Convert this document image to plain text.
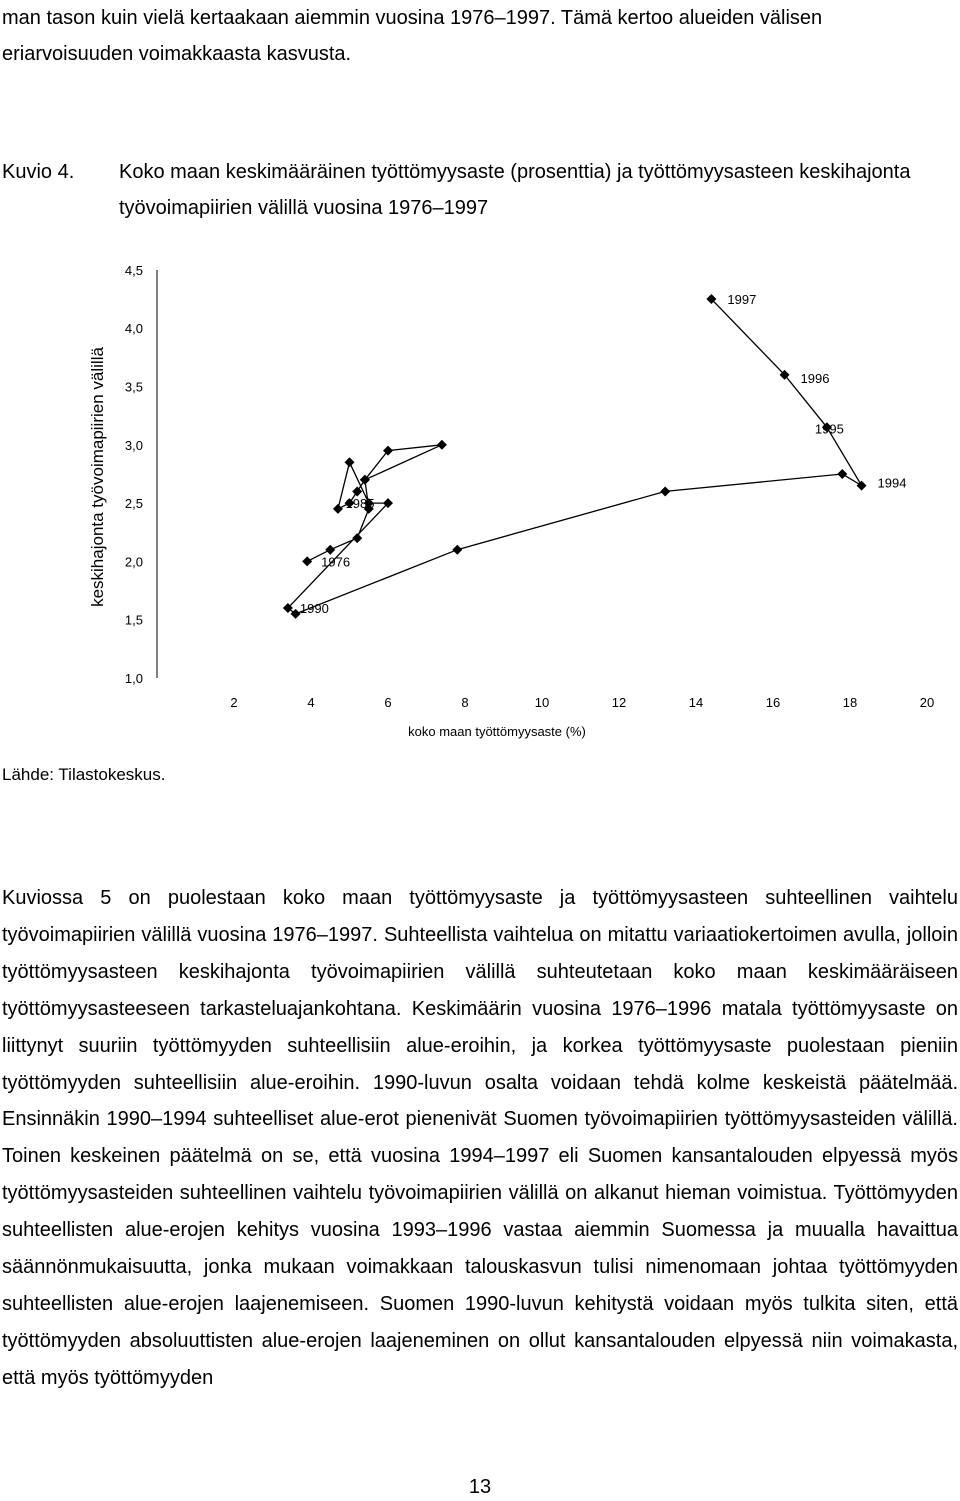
man tason kuin vielä kertaakaan aiemmin vuosina 1976–1997. Tämä kertoo alueiden välisen eriarvoisuuden voimakkaasta kasvusta.
Kuvio 4. Koko maan keskimääräinen työttömyysaste (prosenttia) ja työttömyysasteen keskihajonta työvoimapiirien välillä vuosina 1976–1997
1,0
1,5
2,0
2,5
3,0
3,5
4,0
4,5
2	4	6	8	10	12	14	16	18	20
1976
1985
1990
1994
1995
1996
1997
koko maan työttömyysaste (%)
keskihajonta työvoimapiirien välillä
Lähde: Tilastokeskus.
Kuviossa 5 on puolestaan koko maan työttömyysaste ja työttömyysasteen suhteellinen vaihtelu työvoimapiirien välillä vuosina 1976–1997. Suhteellista vaihtelua on mitattu variaatiokertoimen avulla, jolloin työttömyysasteen keskihajonta työvoimapiirien välillä suhteutetaan koko maan keskimääräiseen työttömyysasteeseen tarkasteluajankohtana. Keskimäärin vuosina 1976–1996 matala työttömyysaste on liittynyt suuriin työttömyyden suhteellisiin alue-eroihin, ja korkea työttömyysaste puolestaan pieniin työttömyyden suhteellisiin alue-eroihin. 1990-luvun osalta voidaan tehdä kolme keskeistä päätelmää. Ensinnäkin 1990–1994 suhteelliset alue-erot pienenivät Suomen työvoimapiirien työttömyysasteiden välillä. Toinen keskeinen päätelmä on se, että vuosina 1994–1997 eli Suomen kansantalouden elpyessä myös työttömyysasteiden suhteellinen vaihtelu työvoimapiirien välillä on alkanut hieman voimistua. Työttömyyden suhteellisten alue-erojen kehitys vuosina 1993–1996 vastaa aiemmin Suomessa ja muualla havaittua säännönmukaisuutta, jonka mukaan voimakkaan talouskasvun tulisi nimenomaan johtaa työttömyyden suhteellisten alue-erojen laajenemiseen. Suomen 1990-luvun kehitystä voidaan myös tulkita siten, että työttömyyden absoluuttisten alue-erojen laajeneminen on ollut kansantalouden elpyessä niin voimakasta, että myös työttömyyden
13
